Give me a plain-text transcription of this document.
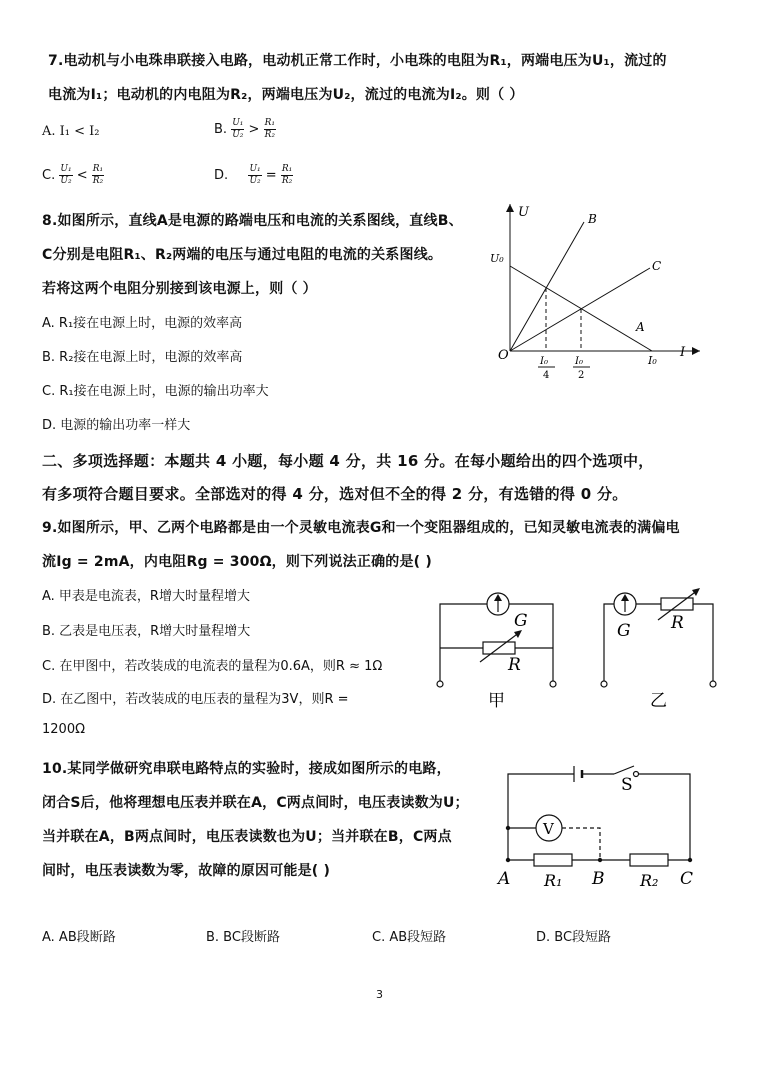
7.电动机与小电珠串联接入电路，电动机正常工作时，小电珠的电阻为R₁，两端电压为U₁，流过的
电流为I₁；电动机的内电阻为R₂，两端电压为U₂，流过的电流为I₂。则（ ）
A. I₁ < I₂	B. $\frac{\text{U₁}}{\text{U₂}} > \frac{\text{R₁}}{\text{R₂}}$
C. $\frac{\text{U₁}}{\text{U₂}} < \frac{\text{R₁}}{\text{R₂}}$	D. $\frac{\text{U₁}}{\text{U₂}} = \frac{\text{R₁}}{\text{R₂}}$
8.如图所示，直线A是电源的路端电压和电流的关系图线，直线B、
C分别是电阻R₁、R₂两端的电压与通过电阻的电流的关系图线。
若将这两个电阻分别接到该电源上，则（ ）
A. R₁接在电源上时，电源的效率高
B. R₂接在电源上时，电源的效率高
C. R₁接在电源上时，电源的输出功率大
D. 电源的输出功率一样大
U
I
O
U₀
I₀
B
C
A
I₀
4
I₀
2
二、多项选择题：本题共 4 小题，每小题 4 分，共 16 分。在每小题给出的四个选项中，
有多项符合题目要求。全部选对的得 4 分，选对但不全的得 2 分，有选错的得 0 分。
9.如图所示，甲、乙两个电路都是由一个灵敏电流表G和一个变阻器组成的，已知灵敏电流表的满偏电
流Ig = 2mA，内电阻Rg = 300Ω，则下列说法正确的是( )
A. 甲表是电流表，R增大时量程增大
B. 乙表是电压表，R增大时量程增大
C. 在甲图中，若改装成的电流表的量程为0.6A，则R ≈ 1Ω
D. 在乙图中，若改装成的电压表的量程为3V，则R =
1200Ω
G
R
甲
G R
乙
10.某同学做研究串联电路特点的实验时，接成如图所示的电路，
闭合S后，他将理想电压表并联在A，C两点间时，电压表读数为U；
当并联在A，B两点间时，电压表读数也为U；当并联在B，C两点
间时，电压表读数为零，故障的原因可能是( )
S
V
A	B	C
R₁	R₂
A. AB段断路	B. BC段断路	C. AB段短路	D. BC段短路
3
